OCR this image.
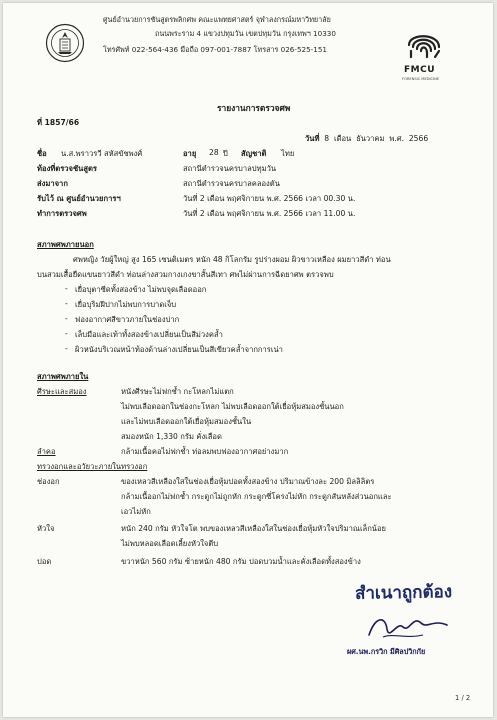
ศูนย์อำนวยการชันสูตรพลิกศพ คณะแพทยศาสตร์ จุฬาลงกรณ์มหาวิทยาลัย
ถนนพระราม 4 แขวงปทุมวัน เขตปทุมวัน กรุงเทพฯ 10330
โทรศัพท์ 022-564-436 มือถือ 097-001-7887 โทรสาร 026-525-151
FMCU
FORENSIC MEDICINE
รายงานการตรวจศพ
ที่ 1857/66
วันที่ 8 เดือน ธันวาคม พ.ศ. 2566
ชื่อ น.ส.พราวรวี สหัสขัชพงศ์	อายุ 28 ปี สัญชาติ ไทย
ท้องที่ตรวจชันสูตร	สถานีตำรวจนครบาลปทุมวัน
ส่งมาจาก	สถานีตำรวจนครบาลคลองตัน
รับไว้ ณ ศูนย์อำนวยการฯ	วันที่ 2 เดือน พฤศจิกายน พ.ศ. 2566 เวลา 00.30 น.
ทำการตรวจศพ	วันที่ 2 เดือน พฤศจิกายน พ.ศ. 2566 เวลา 11.00 น.
สภาพศพภายนอก
ศพหญิง วัยผู้ใหญ่ สูง 165 เซนติเมตร หนัก 48 กิโลกรัม รูปร่างผอม ผิวขาวเหลือง ผมยาวสีดำ ท่อน
บนสวมเสื้อยืดแขนยาวสีดำ ท่อนล่างสวมกางเกงขาสั้นสีเทา ศพไม่ผ่านการฉีดยาศพ ตรวจพบ
- เยื่อบุตาซีดทั้งสองข้าง ไม่พบจุดเลือดออก
- เยื่อบุริมฝีปากไม่พบการบาดเจ็บ
- ฟองอากาศสีขาวภายในช่องปาก
- เล็บมือและเท้าทั้งสองข้างเปลี่ยนเป็นสีม่วงคล้ำ
- ผิวหนังบริเวณหน้าท้องด้านล่างเปลี่ยนเป็นสีเขียวคล้ำจากการเน่า
สภาพศพภายใน
ศีรษะและสมอง	หนังศีรษะไม่ฟกช้ำ กะโหลกไม่แตก
ไม่พบเลือดออกในช่องกะโหลก ไม่พบเลือดออกใต้เยื่อหุ้มสมองชั้นนอก
และไม่พบเลือดออกใต้เยื่อหุ้มสมองชั้นใน
สมองหนัก 1,330 กรัม คั่งเลือด
ลำคอ	กล้ามเนื้อคอไม่ฟกช้ำ ท่อลมพบฟองอากาศอย่างมาก
ทรวงอกและอวัยวะภายในทรวงอก
ช่องอก	ของเหลวสีเหลืองใสในช่องเยื่อหุ้มปอดทั้งสองข้าง ปริมาณข้างละ 200 มิลลิลิตร
กล้ามเนื้ออกไม่ฟกช้ำ กระดูกไม่ถูกหัก กระดูกซี่โครงไม่หัก กระดูกสันหลังส่วนอกและ
เอวไม่หัก
หัวใจ	หนัก 240 กรัม หัวใจโต พบของเหลวสีเหลืองใสในช่องเยื่อหุ้มหัวใจปริมาณเล็กน้อย
ไม่พบหลอดเลือดเลี้ยงหัวใจตีบ
ปอด	ขวาหนัก 560 กรัม ซ้ายหนัก 480 กรัม ปอดบวมน้ำและคั่งเลือดทั้งสองข้าง
สำเนาถูกต้อง
ผศ.นพ.กรวิก มีศิลปวิกกัย
1 / 2
